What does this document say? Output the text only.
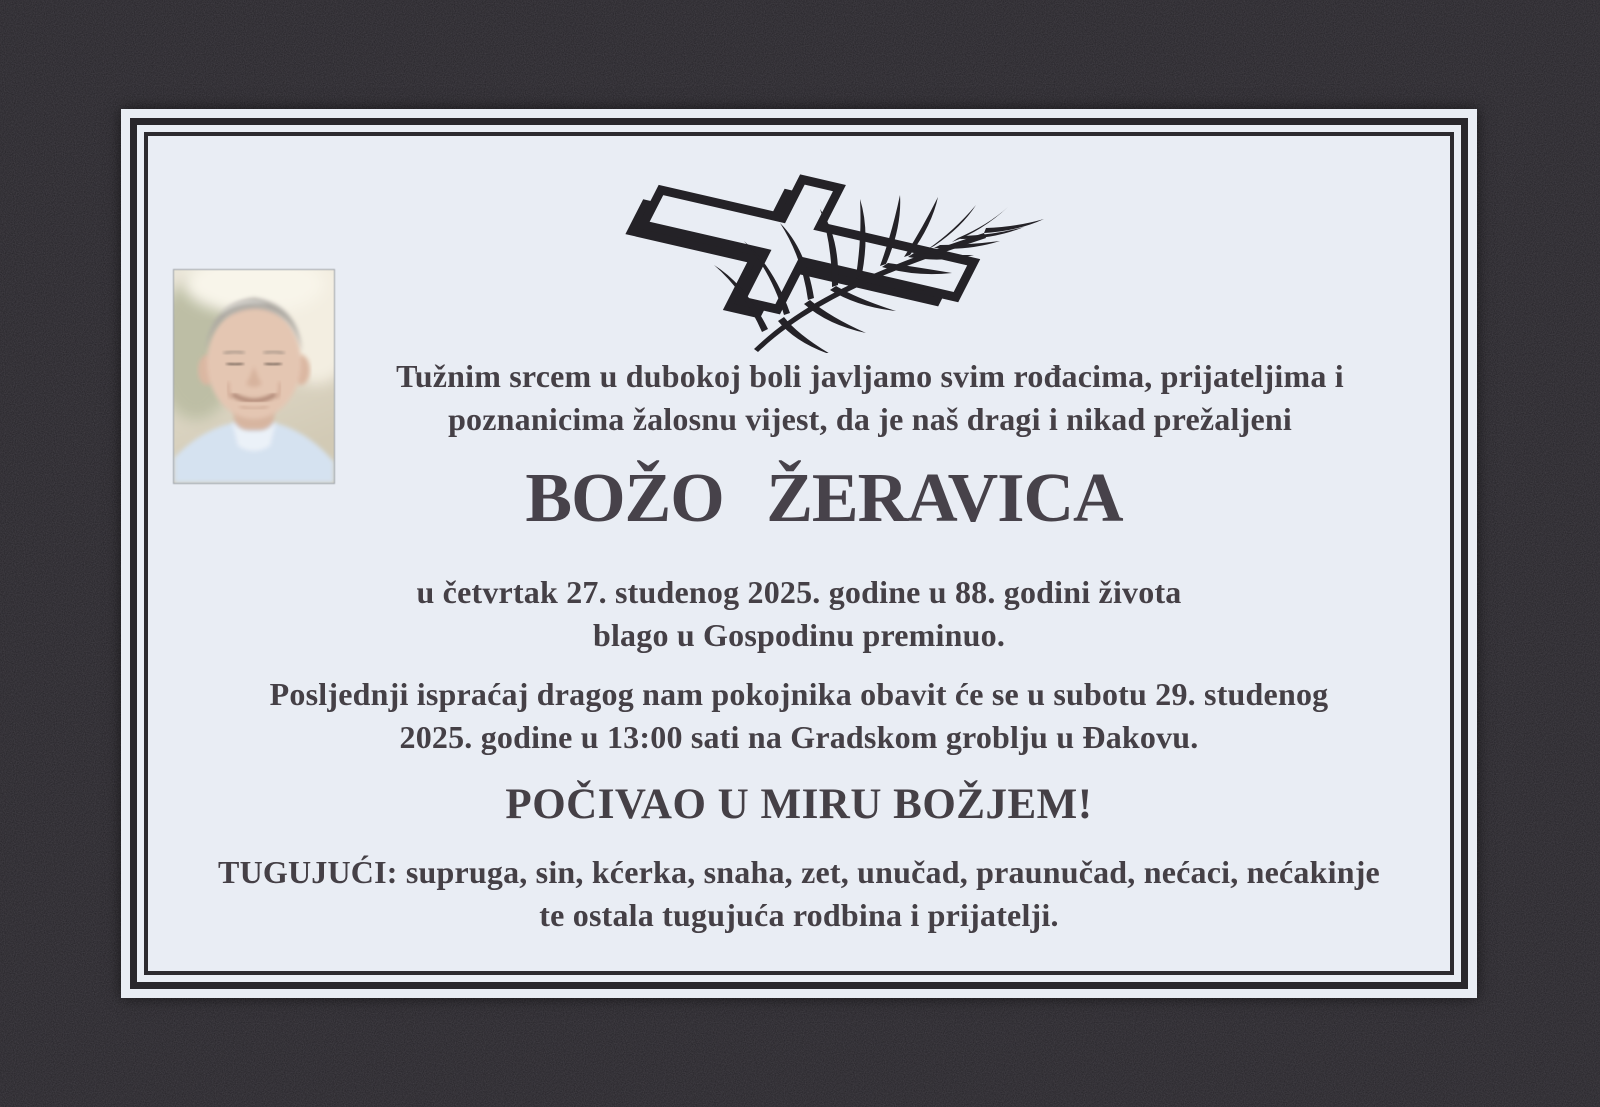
Tužnim srcem u dubokoj boli javljamo svim rođacima, prijateljima i
poznanicima žalosnu vijest, da je naš dragi i nikad prežaljeni
BOŽO ŽERAVICA
u četvrtak 27. studenog 2025. godine u 88. godini života
blago u Gospodinu preminuo.
Posljednji ispraćaj dragog nam pokojnika obavit će se u subotu 29. studenog
2025. godine u 13:00 sati na Gradskom groblju u Đakovu.
POČIVAO U MIRU BOŽJEM!
TUGUJUĆI: supruga, sin, kćerka, snaha, zet, unučad, praunučad, nećaci, nećakinje
te ostala tugujuća rodbina i prijatelji.
